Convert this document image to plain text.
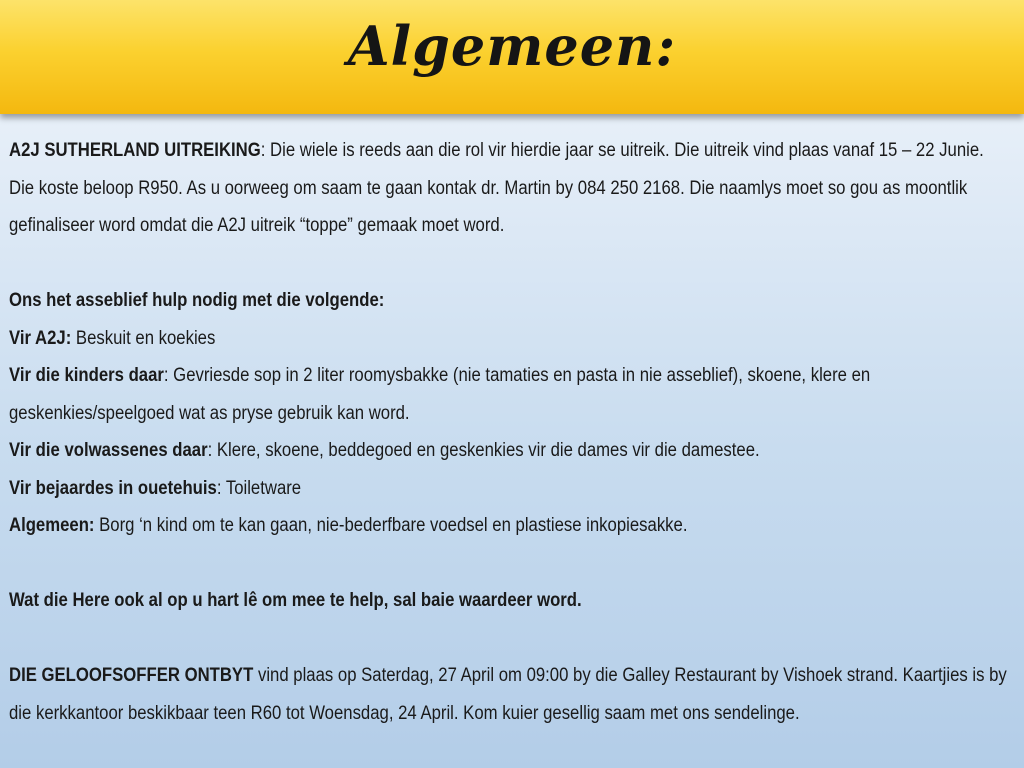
Algemeen:

A2J SUTHERLAND UITREIKING: Die wiele is reeds aan die rol vir hierdie jaar se uitreik. Die uitreik vind plaas vanaf 15 – 22 Junie. Die koste beloop R950. As u oorweeg om saam te gaan kontak dr. Martin by 084 250 2168. Die naamlys moet so gou as moontlik gefinaliseer word omdat die A2J uitreik “toppe” gemaak moet word.

Ons het asseblief hulp nodig met die volgende:

Vir A2J: Beskuit en koekies

Vir die kinders daar: Gevriesde sop in 2 liter roomysbakke (nie tamaties en pasta in nie asseblief), skoene, klere en geskenkies/speelgoed wat as pryse gebruik kan word.

Vir die volwassenes daar: Klere, skoene, beddegoed en geskenkies vir die dames vir die damestee.

Vir bejaardes in ouetehuis: Toiletware

Algemeen: Borg ‘n kind om te kan gaan, nie-bederfbare voedsel en plastiese inkopiesakke.

Wat die Here ook al op u hart lê om mee te help, sal baie waardeer word.

DIE GELOOFSOFFER ONTBYT vind plaas op Saterdag, 27 April om 09:00 by die Galley Restaurant by Vishoek strand. Kaartjies is by die kerkkantoor beskikbaar teen R60 tot Woensdag, 24 April. Kom kuier gesellig saam met ons sendelinge.
